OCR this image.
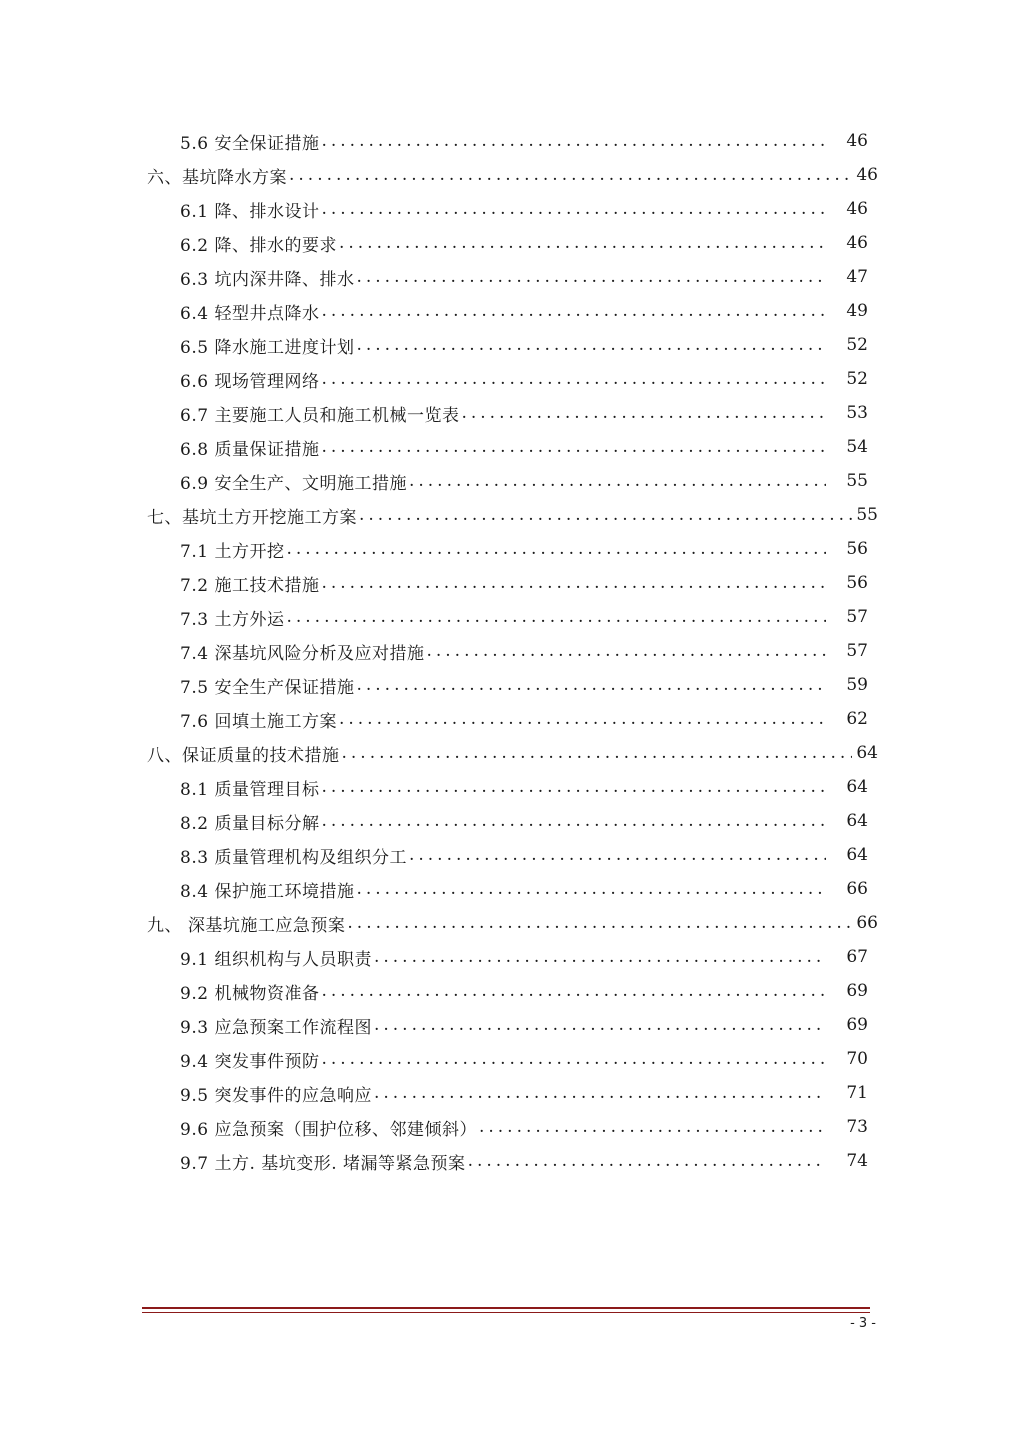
5.6 安全保证措施 .....	46
六、基坑降水方案 .....	46
6.1 降、排水设计 .....	46
6.2 降、排水的要求 .....	46
6.3 坑内深井降、排水 .....	47
6.4 轻型井点降水 .....	49
6.5 降水施工进度计划 .....	52
6.6 现场管理网络 .....	52
6.7 主要施工人员和施工机械一览表 .....	53
6.8 质量保证措施 .....	54
6.9 安全生产、文明施工措施 .....	55
七、基坑土方开挖施工方案 .....	55
7.1 土方开挖 .....	56
7.2 施工技术措施 .....	56
7.3 土方外运 .....	57
7.4 深基坑风险分析及应对措施 .....	57
7.5 安全生产保证措施 .....	59
7.6 回填土施工方案 .....	62
八、保证质量的技术措施 .....	64
8.1 质量管理目标 .....	64
8.2 质量目标分解 .....	64
8.3 质量管理机构及组织分工 .....	64
8.4 保护施工环境措施 .....	66
九、 深基坑施工应急预案 .....	66
9.1 组织机构与人员职责 .....	67
9.2 机械物资准备 .....	69
9.3 应急预案工作流程图 .....	69
9.4 突发事件预防 .....	70
9.5 突发事件的应急响应 .....	71
9.6 应急预案（围护位移、邻建倾斜） .....	73
9.7 土方. 基坑变形. 堵漏等紧急预案 .....	74
- 3 -
